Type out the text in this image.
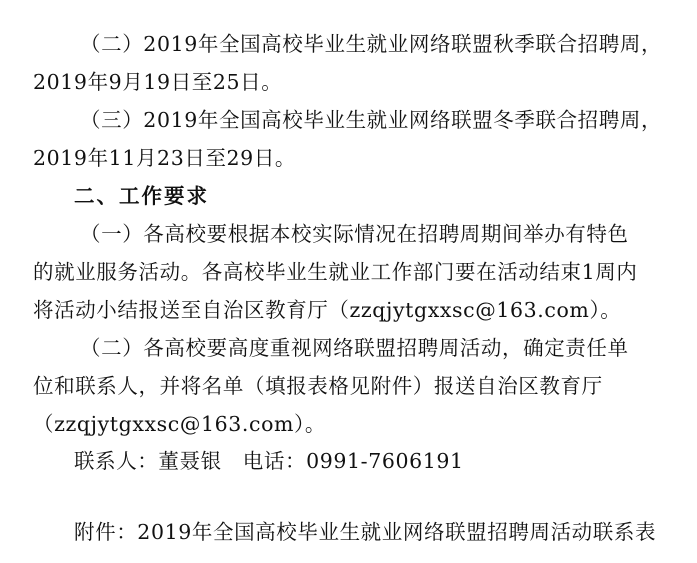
（二）2019年全国高校毕业生就业网络联盟秋季联合招聘周，
2019年9月19日至25日。
（三）2019年全国高校毕业生就业网络联盟冬季联合招聘周，
2019年11月23日至29日。
二、工作要求
（一）各高校要根据本校实际情况在招聘周期间举办有特色
的就业服务活动。各高校毕业生就业工作部门要在活动结束1周内
将活动小结报送至自治区教育厅（zzqjytgxxsc@163.com）。
（二）各高校要高度重视网络联盟招聘周活动，确定责任单
位和联系人，并将名单（填报表格见附件）报送自治区教育厅
（zzqjytgxxsc@163.com）。
联系人：董聂银　电话：0991-7606191
附件：2019年全国高校毕业生就业网络联盟招聘周活动联系表
